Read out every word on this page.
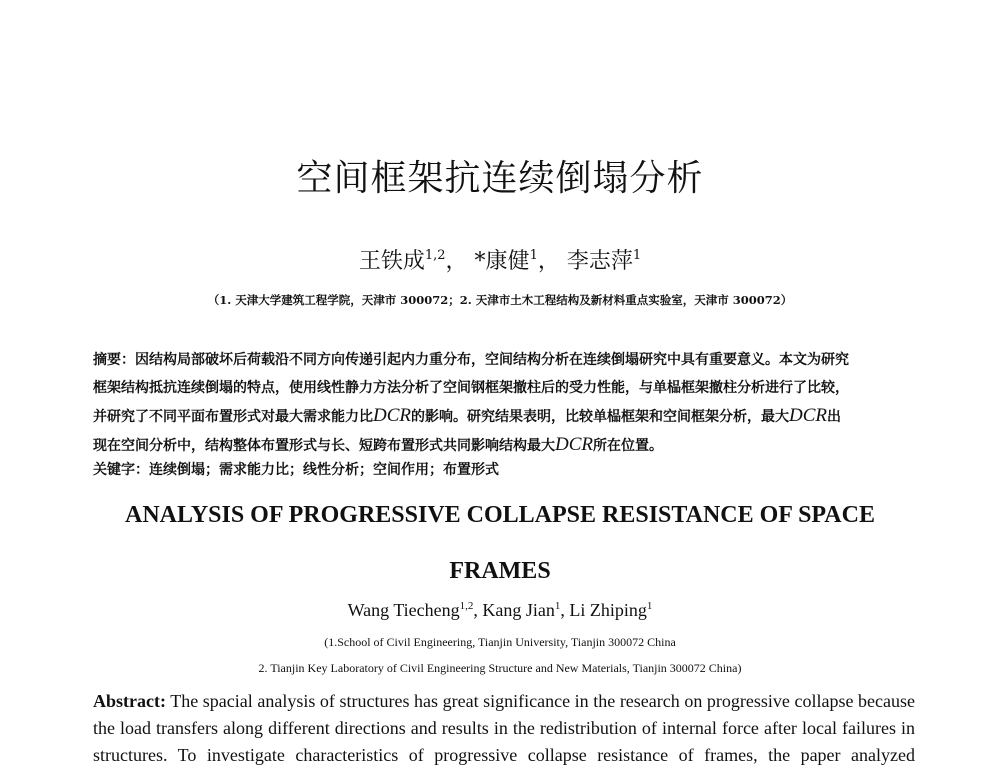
空间框架抗连续倒塌分析
王铁成$^{1,2}$， *康健$^1$， 李志萍$^1$
（1. 天津大学建筑工程学院，天津市 300072；2. 天津市土木工程结构及新材料重点实验室，天津市 300072）
摘要：因结构局部破坏后荷载沿不同方向传递引起内力重分布，空间结构分析在连续倒塌研究中具有重要意义。本文为研究
框架结构抵抗连续倒塌的特点，使用线性静力方法分析了空间钢框架撤柱后的受力性能，与单榀框架撤柱分析进行了比较，
并研究了不同平面布置形式对最大需求能力比DCR的影响。研究结果表明，比较单榀框架和空间框架分析，最大DCR出
现在空间分析中，结构整体布置形式与长、短跨布置形式共同影响结构最大DCR所在位置。
关键字：连续倒塌；需求能力比；线性分析；空间作用；布置形式
ANALYSIS OF PROGRESSIVE COLLAPSE RESISTANCE OF SPACE
FRAMES
Wang Tiecheng$^{1,2}$, Kang Jian$^1$, Li Zhiping$^1$
(1.School of Civil Engineering, Tianjin University, Tianjin 300072 China
2. Tianjin Key Laboratory of Civil Engineering Structure and New Materials, Tianjin 300072 China)
Abstract: The spacial analysis of structures has great significance in the research on progressive collapse because
the load transfers along different directions and results in the redistribution of internal force after local failures in
structures. To investigate characteristics of progressive collapse resistance of frames, the paper analyzed
